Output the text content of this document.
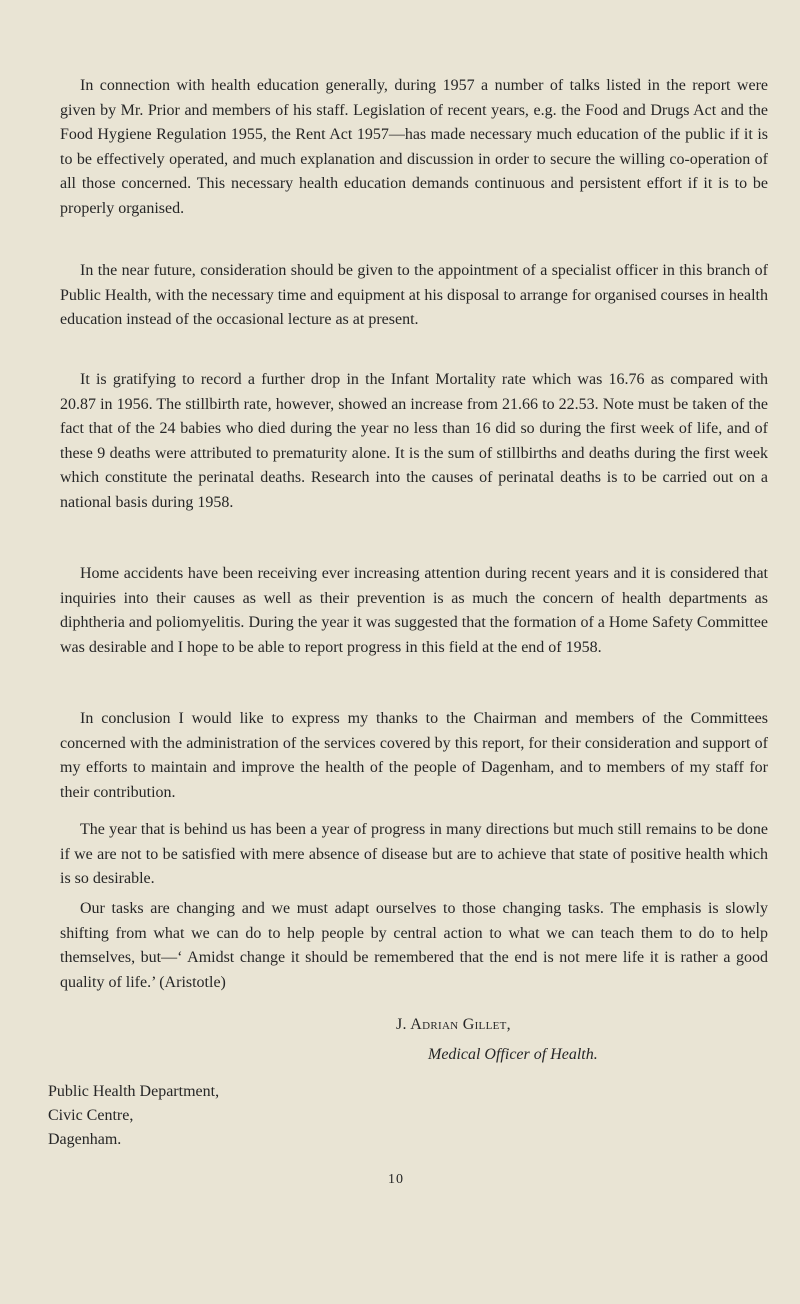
In connection with health education generally, during 1957 a number of talks listed in the report were given by Mr. Prior and members of his staff. Legislation of recent years, e.g. the Food and Drugs Act and the Food Hygiene Regulation 1955, the Rent Act 1957—has made necessary much education of the public if it is to be effectively operated, and much explanation and discussion in order to secure the willing co-operation of all those concerned. This necessary health education demands continuous and persistent effort if it is to be properly organised.

In the near future, consideration should be given to the appointment of a specialist officer in this branch of Public Health, with the necessary time and equipment at his disposal to arrange for organised courses in health education instead of the occasional lecture as at present.

It is gratifying to record a further drop in the Infant Mortality rate which was 16.76 as compared with 20.87 in 1956. The stillbirth rate, however, showed an increase from 21.66 to 22.53. Note must be taken of the fact that of the 24 babies who died during the year no less than 16 did so during the first week of life, and of these 9 deaths were attributed to prematurity alone. It is the sum of stillbirths and deaths during the first week which constitute the perinatal deaths. Research into the causes of perinatal deaths is to be carried out on a national basis during 1958.

Home accidents have been receiving ever increasing attention during recent years and it is considered that inquiries into their causes as well as their prevention is as much the concern of health departments as diphtheria and poliomyelitis. During the year it was suggested that the formation of a Home Safety Committee was desirable and I hope to be able to report progress in this field at the end of 1958.

In conclusion I would like to express my thanks to the Chairman and members of the Committees concerned with the administration of the services covered by this report, for their consideration and support of my efforts to maintain and improve the health of the people of Dagenham, and to members of my staff for their contribution.

The year that is behind us has been a year of progress in many directions but much still remains to be done if we are not to be satisfied with mere absence of disease but are to achieve that state of positive health which is so desirable.

Our tasks are changing and we must adapt ourselves to those changing tasks. The emphasis is slowly shifting from what we can do to help people by central action to what we can teach them to do to help themselves, but—‘ Amidst change it should be remembered that the end is not mere life it is rather a good quality of life.’ (Aristotle)

J. Adrian Gillet,
Medical Officer of Health.
Public Health Department,
Civic Centre,
Dagenham.
10
